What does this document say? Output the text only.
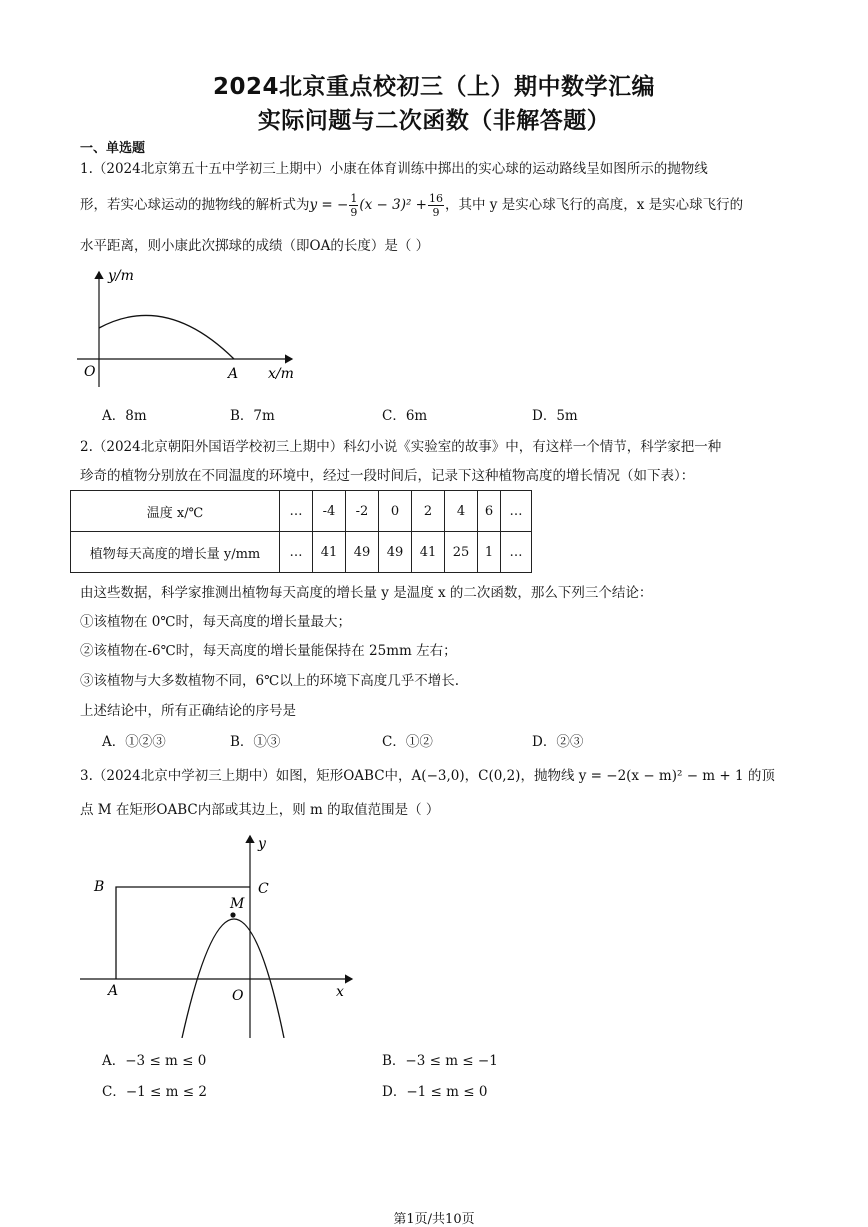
2024北京重点校初三（上）期中数学汇编
实际问题与二次函数（非解答题）
一、单选题
1.（2024北京第五十五中学初三上期中）小康在体育训练中掷出的实心球的运动路线呈如图所示的抛物线
形，若实心球运动的抛物线的解析式为y = − $\frac{1}{9} (x - 3)^2 + \frac{16}{9}$ ，其中 y 是实心球飞行的高度，x 是实心球飞行的
水平距离，则小康此次掷球的成绩（即OA的长度）是（ ）
y/m
O	A x/m
A．8m	B．7m	C．6m	D．5m
2.（2024北京朝阳外国语学校初三上期中）科幻小说《实验室的故事》中，有这样一个情节，科学家把一种
珍奇的植物分别放在不同温度的环境中，经过一段时间后，记录下这种植物高度的增长情况（如下表）：
温度 x/℃	…	-4	-2	0	2	4	6	…
植物每天高度的增长量 y/mm	…	41	49	49	41	25	1	…
由这些数据，科学家推测出植物每天高度的增长量 y 是温度 x 的二次函数，那么下列三个结论：
①该植物在 0℃时，每天高度的增长量最大；
②该植物在-6℃时，每天高度的增长量能保持在 25mm 左右；
③该植物与大多数植物不同，6℃以上的环境下高度几乎不增长.
上述结论中，所有正确结论的序号是
A．①②③	B．①③	C．①②	D．②③
3.（2024北京中学初三上期中）如图，矩形OABC中，A(−3,0)，C(0,2)，抛物线 y = −2(x − m)² − m + 1 的顶
点 M 在矩形OABC内部或其边上，则 m 的取值范围是（ ）
y
x
O
A
B	C
M
A．−3 ≤ m ≤ 0	B．−3 ≤ m ≤ −1
C．−1 ≤ m ≤ 2	D．−1 ≤ m ≤ 0
第1页/共10页
